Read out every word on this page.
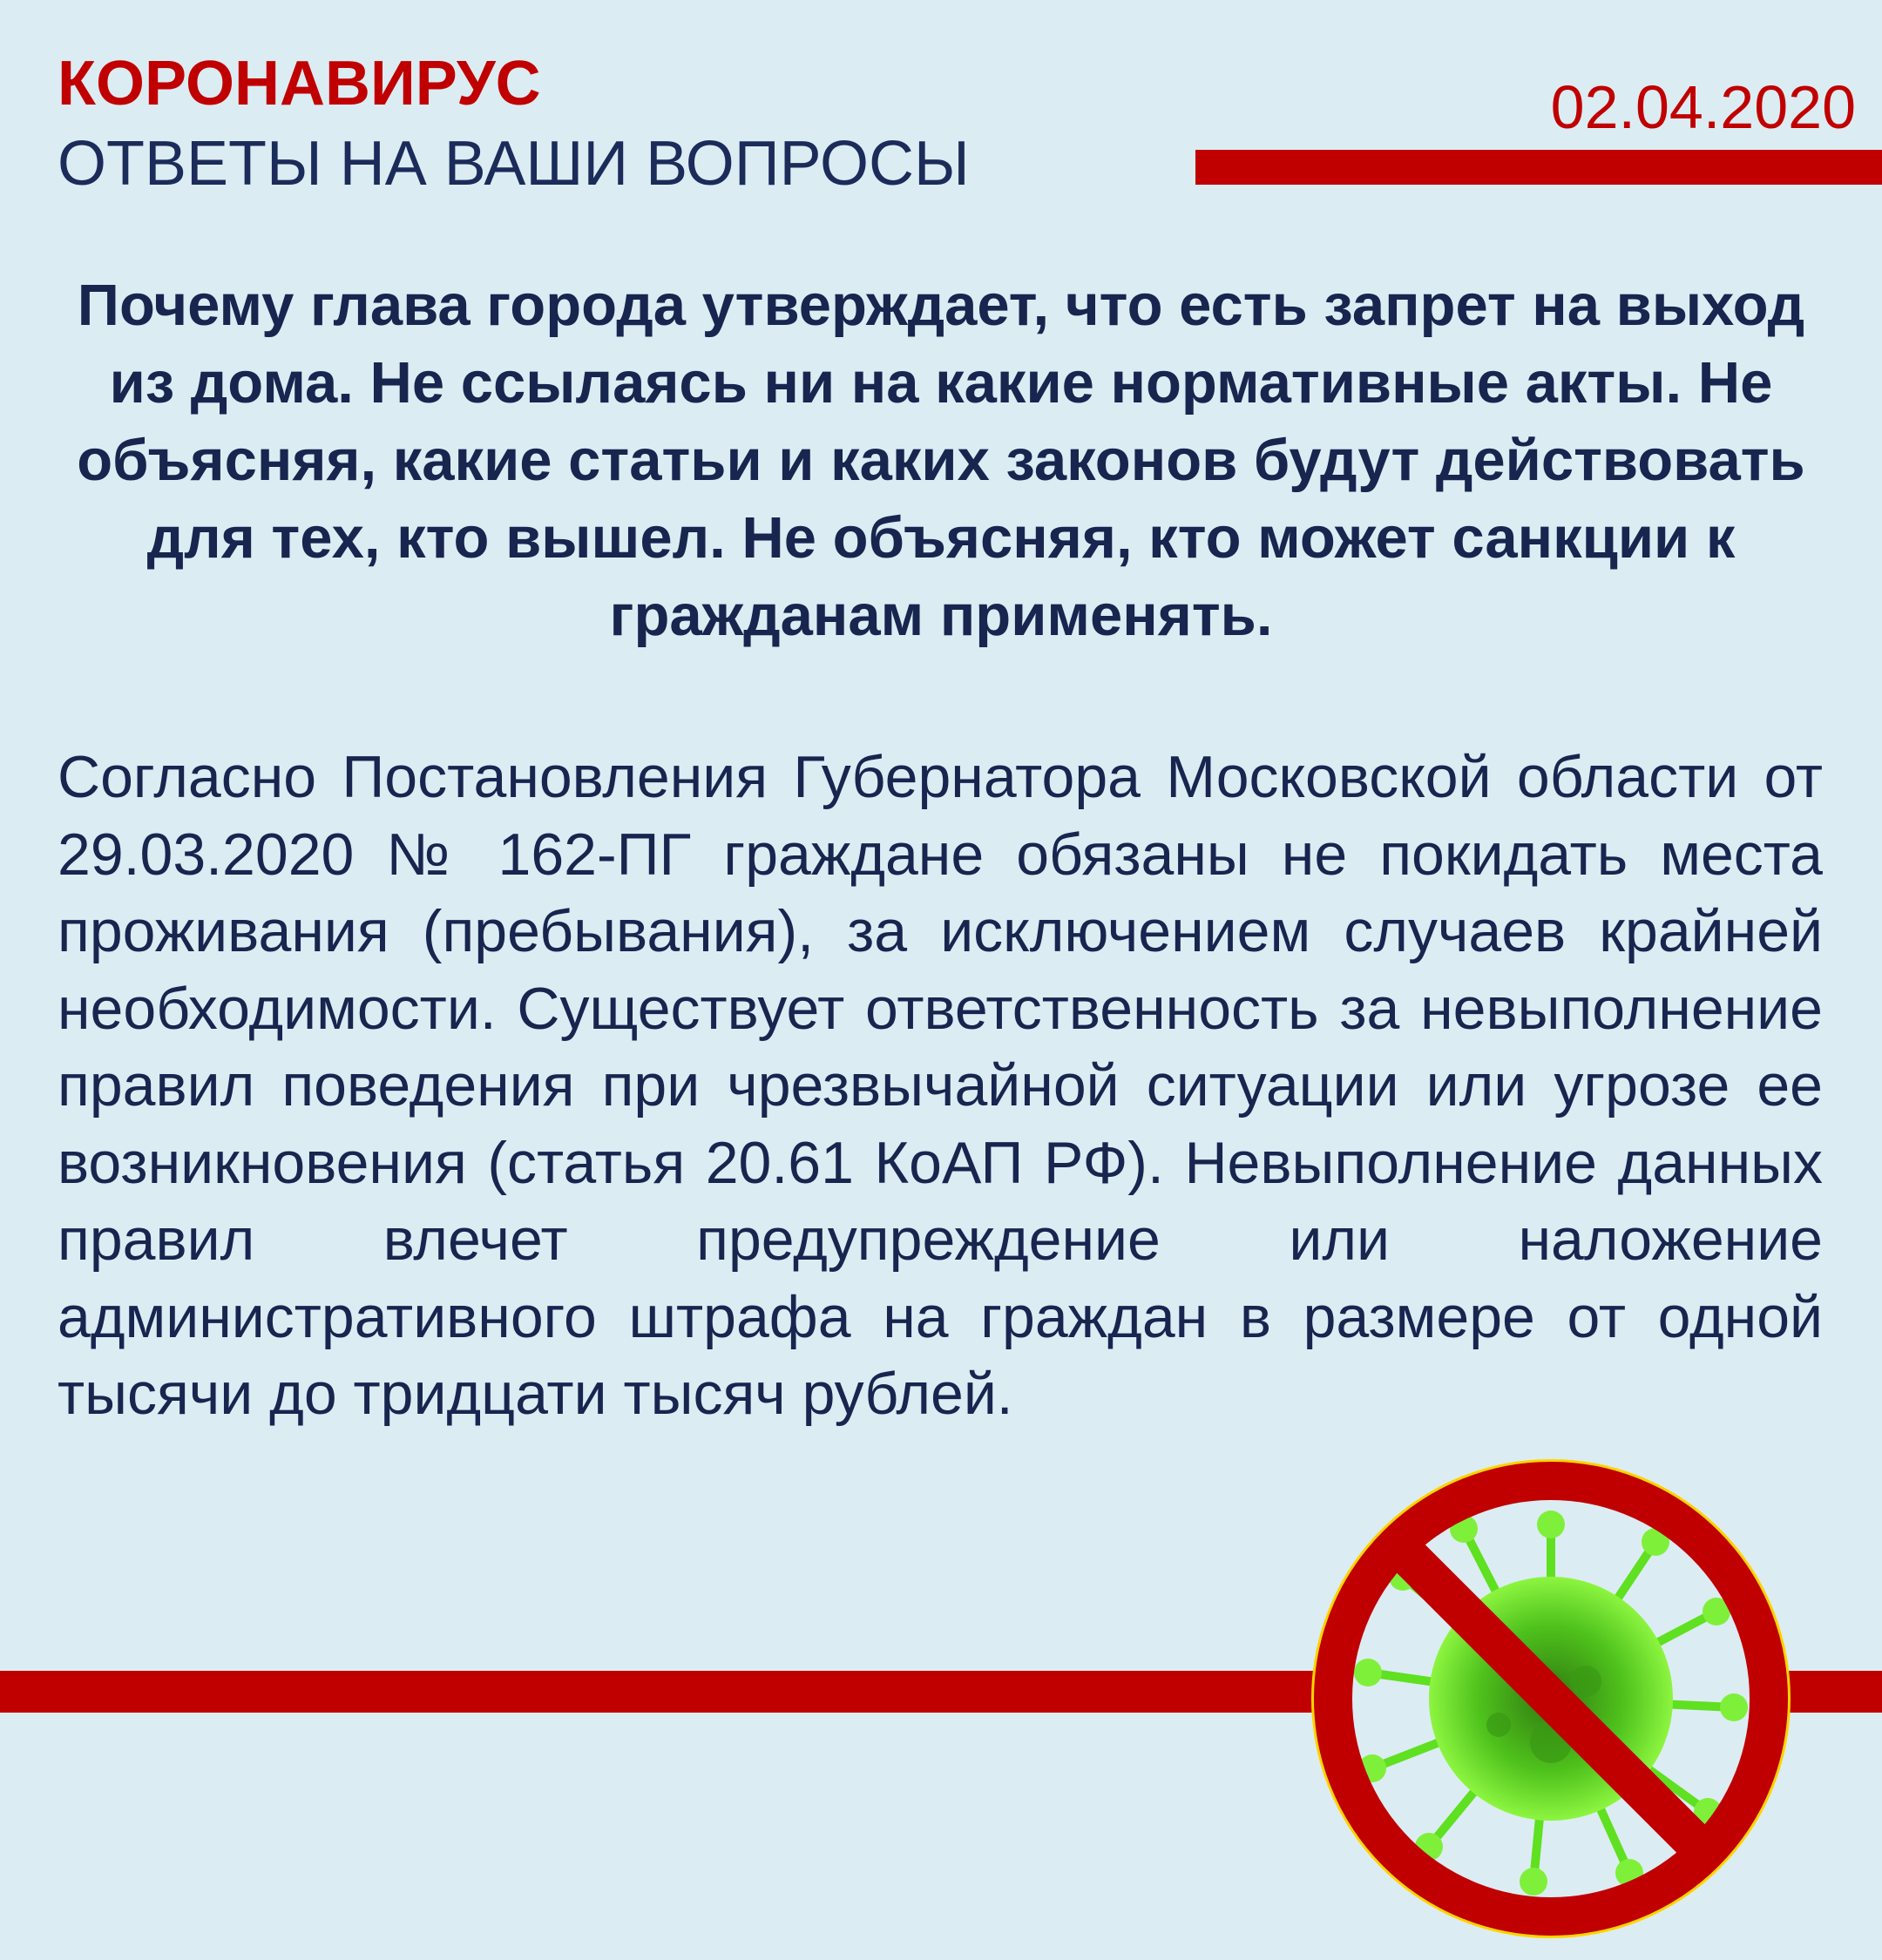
КОРОНАВИРУС
ОТВЕТЫ НА ВАШИ ВОПРОСЫ
02.04.2020
Почему глава города утверждает, что есть запрет на выход из дома. Не ссылаясь ни на какие нормативные акты. Не объясняя, какие статьи и каких законов будут действовать для тех, кто вышел. Не объясняя, кто может санкции к гражданам применять.
Согласно Постановления Губернатора Московской области от 29.03.2020 № 162-ПГ граждане обязаны не покидать места проживания (пребывания), за исключением случаев крайней необходимости. Существует ответственность за невыполнение правил поведения при чрезвычайной ситуации или угрозе ее возникновения (статья 20.61 КоАП РФ). Невыполнение данных правил влечет предупреждение или наложение административного штрафа на граждан в размере от одной тысячи до тридцати тысяч рублей.
